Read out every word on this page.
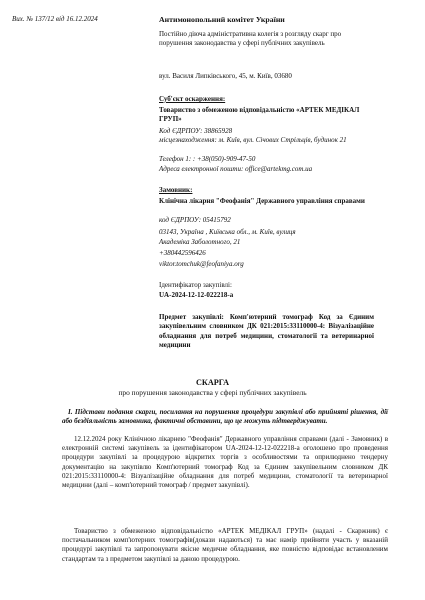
Вих. № 137/12 від 16.12.2024	Антимонопольний комітет України
Постійно діюча адміністративна колегія з розгляду скарг про порушення законодавства у сфері публічних закупівель
вул. Василя Липківського, 45, м. Київ, 03680
Суб'єкт оскарження:
Товариство з обмеженою відповідальністю «АРТЕК МЕДІКАЛ ГРУП»
Код ЄДРПОУ: 38865928
місцезнаходження: м. Київ, вул. Січових Стрільців, будинок 21
Телефон 1: : +38(050)-909-47-50
Адреса електронної пошти: office@artekmg.com.ua
Замовник:
Клінічна лікарня "Феофанія" Державного управління справами
код ЄДРПОУ: 05415792
03143, Україна , Київська обл., м. Київ, вулиця
Академіка Заболотного, 21
+380442596426
viktor.tomchuk@feofaniya.org
Ідентифікатор закупівлі:
UA-2024-12-12-022218-a
Предмет закупівлі: Комп'ютерний томограф Код за Єдиним закупівельним словником ДК 021:2015:33110000-4: Візуалізаційне обладнання для потреб медицини, стоматології та ветеринарної медицини
СКАРГА
про порушення законодавства у сфері публічних закупівель
І. Підстави подання скарги, посилання на порушення процедури закупівлі або прийняті рішення, дії або бездіяльність замовника, фактичні обставини, що це можуть підтверджувати.
12.12.2024 року Клінічною лікарнею "Феофанія" Державного управління справами (далі - Замовник) в електронній системі закупівель за ідентифікатором UA-2024-12-12-022218-a оголошено про проведення процедури закупівлі за процедурою відкритих торгів з особливостями та оприлюднено тендерну документацію на закупівлю Комп'ютерний томограф Код за Єдиним закупівельним словником ДК 021:2015:33110000-4: Візуалізаційне обладнання для потреб медицини, стоматології та ветеринарної медицини (далі – комп'ютерний томограф / предмет закупівлі).
Товариство з обмеженою відповідальністю «АРТЕК МЕДІКАЛ ГРУП» (надалі - Скаржник) є постачальником комп'ютерних томографів(докази надаються) та має намір прийняти участь у вказаній процедурі закупівлі та запропонувати якісне медичне обладнання, яке повністю відповідає встановленим стандартам та з предметом закупівлі за даною процедурою.
